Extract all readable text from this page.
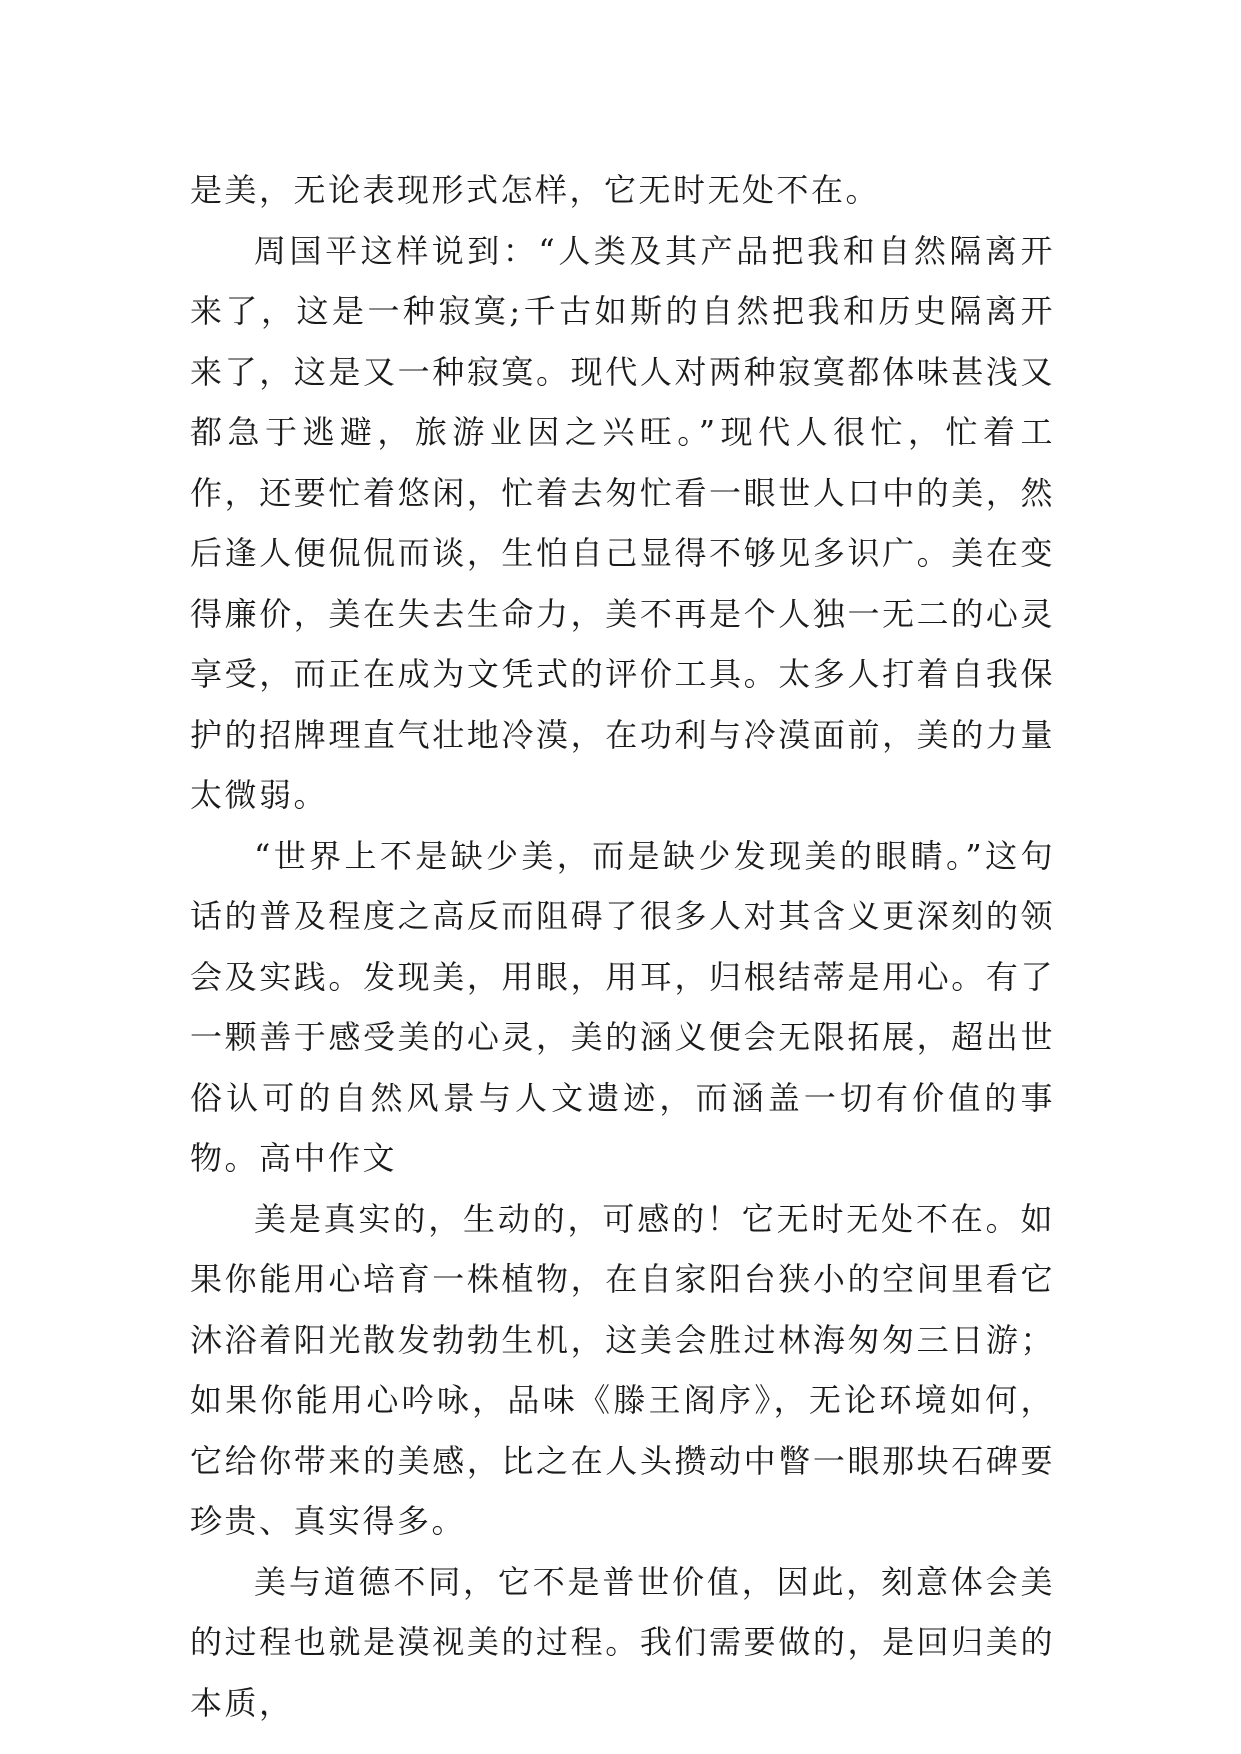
是美，无论表现形式怎样，它无时无处不在。

周国平这样说到：“人类及其产品把我和自然隔离开来了，这是一种寂寞;千古如斯的自然把我和历史隔离开来了，这是又一种寂寞。现代人对两种寂寞都体味甚浅又都急于逃避，旅游业因之兴旺。”现代人很忙，忙着工作，还要忙着悠闲，忙着去匆忙看一眼世人口中的美，然后逢人便侃侃而谈，生怕自己显得不够见多识广。美在变得廉价，美在失去生命力，美不再是个人独一无二的心灵享受，而正在成为文凭式的评价工具。太多人打着自我保护的招牌理直气壮地冷漠，在功利与冷漠面前，美的力量太微弱。

“世界上不是缺少美，而是缺少发现美的眼睛。”这句话的普及程度之高反而阻碍了很多人对其含义更深刻的领会及实践。发现美，用眼，用耳，归根结蒂是用心。有了一颗善于感受美的心灵，美的涵义便会无限拓展，超出世俗认可的自然风景与人文遗迹，而涵盖一切有价值的事物。高中作文

美是真实的，生动的，可感的！它无时无处不在。如果你能用心培育一株植物，在自家阳台狭小的空间里看它沐浴着阳光散发勃勃生机，这美会胜过林海匆匆三日游；如果你能用心吟咏，品味《滕王阁序》，无论环境如何，它给你带来的美感，比之在人头攒动中瞥一眼那块石碑要珍贵、真实得多。

美与道德不同，它不是普世价值，因此，刻意体会美的过程也就是漠视美的过程。我们需要做的，是回归美的本质，
